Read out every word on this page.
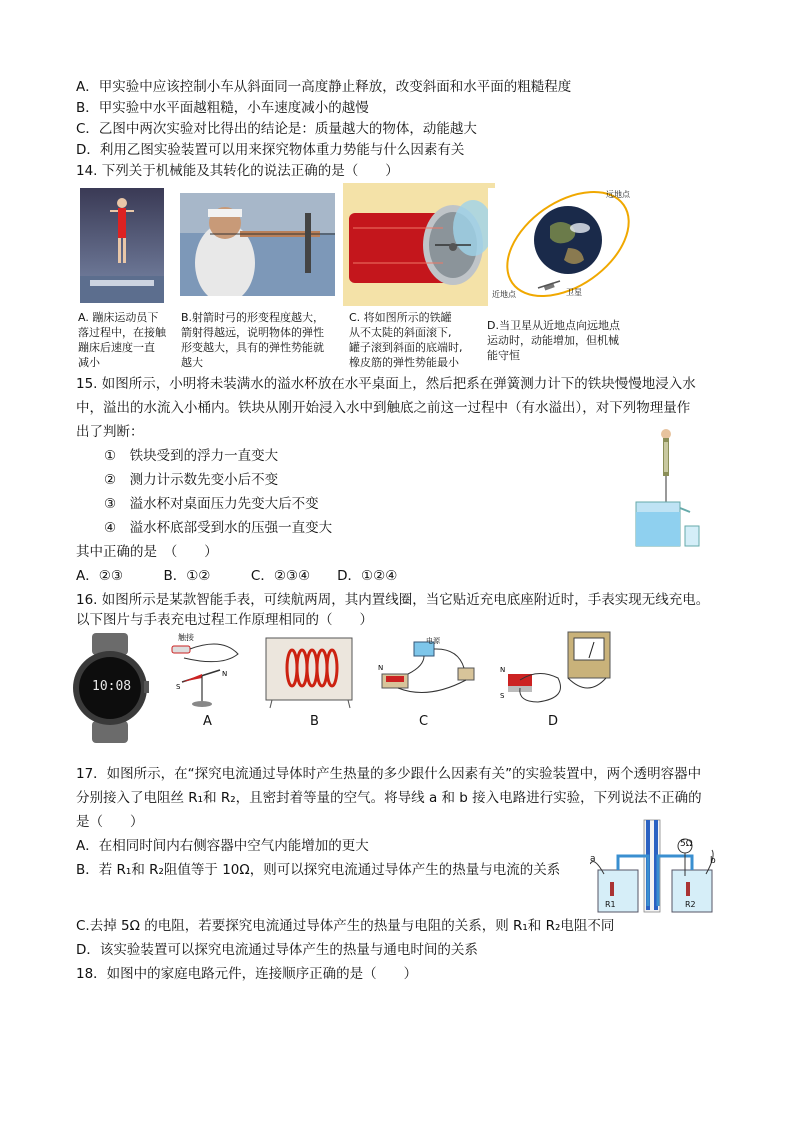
A．甲实验中应该控制小车从斜面同一高度静止释放，改变斜面和水平面的粗糙程度
B．甲实验中水平面越粗糙，小车速度减小的越慢
C．乙图中两次实验对比得出的结论是：质量越大的物体，动能越大
D．利用乙图实验装置可以用来探究物体重力势能与什么因素有关
14. 下列关于机械能及其转化的说法正确的是（　　）
远地点
近地点	卫星
A. 蹦床运动员下
落过程中，在接触
蹦床后速度一直
减小
B.射箭时弓的形变程度越大，
箭射得越远，说明物体的弹性
形变越大，具有的弹性势能就
越大
C. 将如图所示的铁罐
从不太陡的斜面滚下,
罐子滚到斜面的底端时,
橡皮筋的弹性势能最小
D.当卫星从近地点向远地点
运动时，动能增加，但机械
能守恒
15. 如图所示，小明将未装满水的溢水杯放在水平桌面上，然后把系在弹簧测力计下的铁块慢慢地浸入水
中，溢出的水流入小桶内。铁块从刚开始浸入水中到触底之前这一过程中（有水溢出），对下列物理量作
出了判断：
①　铁块受到的浮力一直变大
②　测力计示数先变小后不变
③　溢水杯对桌面压力先变大后不变
④　溢水杯底部受到水的压强一直变大
其中正确的是　（　　）
A．②③　　　B．①②　　　C．②③④　　D．①②④
16. 如图所示是某款智能手表，可续航两周，其内置线圈，当它贴近充电底座附近时，手表实现无线充电。
以下图片与手表充电过程工作原理相同的（　　）
10:08	S
N
触接
A	B
N
电源
C
N
S
D
17．如图所示，在“探究电流通过导体时产生热量的多少跟什么因素有关”的实验装置中，两个透明容器中
分别接入了电阻丝 R₁和 R₂，且密封着等量的空气。将导线 a 和 b 接入电路进行实验，下列说法不正确的
是（　　）
A．在相同时间内右侧容器中空气内能增加的更大
B．若 R₁和 R₂阻值等于 10Ω，则可以探究电流通过导体产生的热量与电流的关系
C.去掉 5Ω 的电阻，若要探究电流通过导体产生的热量与电阻的关系，则 R₁和 R₂电阻不同
D．该实验装置可以探究电流通过导体产生的热量与通电时间的关系
5Ω
a	b
R1	R2
18．如图中的家庭电路元件，连接顺序正确的是（　　）
